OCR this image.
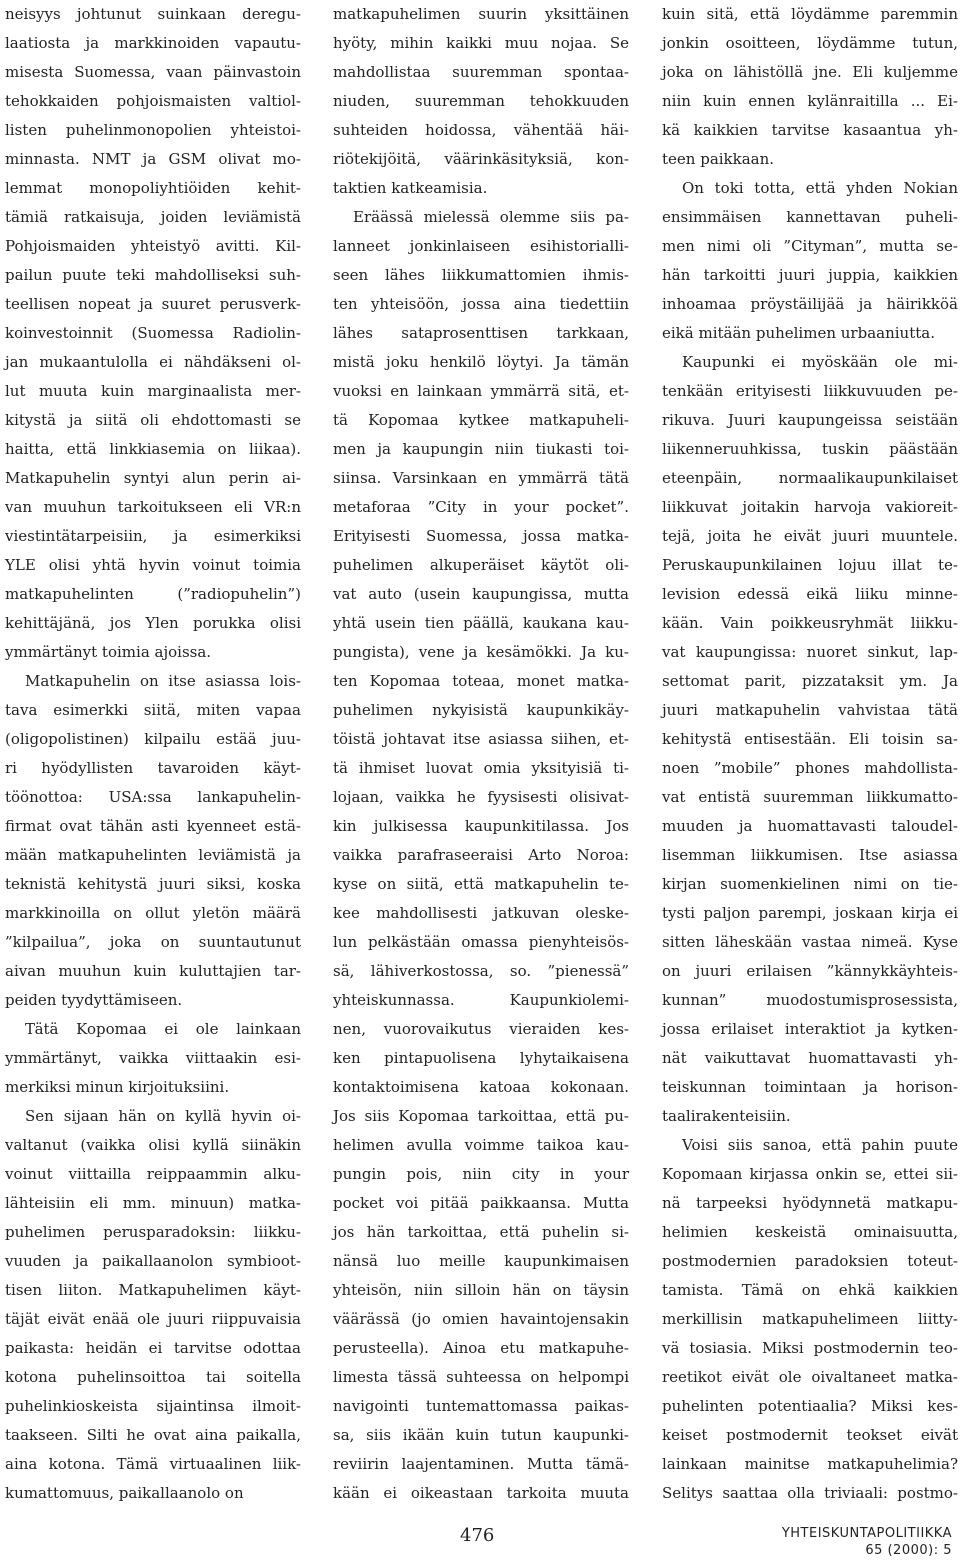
neisyys johtunut suinkaan deregu-
laatiosta ja markkinoiden vapautu-
misesta Suomessa, vaan päinvastoin
tehokkaiden pohjoismaisten valtiol-
listen puhelinmonopolien yhteistoi-
minnasta. NMT ja GSM olivat mo-
lemmat monopoliyhtiöiden kehit-
tämiä ratkaisuja, joiden leviämistä
Pohjoismaiden yhteistyö avitti. Kil-
pailun puute teki mahdolliseksi suh-
teellisen nopeat ja suuret perusverk-
koinvestoinnit (Suomessa Radiolin-
jan mukaantulolla ei nähdäkseni ol-
lut muuta kuin marginaalista mer-
kitystä ja siitä oli ehdottomasti se
haitta, että linkkiasemia on liikaa).
Matkapuhelin syntyi alun perin ai-
van muuhun tarkoitukseen eli VR:n
viestintätarpeisiin, ja esimerkiksi
YLE olisi yhtä hyvin voinut toimia
matkapuhelinten (”radiopuhelin”)
kehittäjänä, jos Ylen porukka olisi
ymmärtänyt toimia ajoissa.
Matkapuhelin on itse asiassa lois-
tava esimerkki siitä, miten vapaa
(oligopolistinen) kilpailu estää juu-
ri hyödyllisten tavaroiden käyt-
töönottoa: USA:ssa lankapuhelin-
firmat ovat tähän asti kyenneet estä-
mään matkapuhelinten leviämistä ja
teknistä kehitystä juuri siksi, koska
markkinoilla on ollut yletön määrä
”kilpailua”, joka on suuntautunut
aivan muuhun kuin kuluttajien tar-
peiden tyydyttämiseen.
Tätä Kopomaa ei ole lainkaan
ymmärtänyt, vaikka viittaakin esi-
merkiksi minun kirjoituksiini.
Sen sijaan hän on kyllä hyvin oi-
valtanut (vaikka olisi kyllä siinäkin
voinut viittailla reippaammin alku-
lähteisiin eli mm. minuun) matka-
puhelimen perusparadoksin: liikku-
vuuden ja paikallaanolon symbioot-
tisen liiton. Matkapuhelimen käyt-
täjät eivät enää ole juuri riippuvaisia
paikasta: heidän ei tarvitse odottaa
kotona puhelinsoittoa tai soitella
puhelinkioskeista sijaintinsa ilmoit-
taakseen. Silti he ovat aina paikalla,
aina kotona. Tämä virtuaalinen liik-
kumattomuus, paikallaanolo on
matkapuhelimen suurin yksittäinen
hyöty, mihin kaikki muu nojaa. Se
mahdollistaa suuremman spontaa-
niuden, suuremman tehokkuuden
suhteiden hoidossa, vähentää häi-
riötekijöitä, väärinkäsityksiä, kon-
taktien katkeamisia.
Eräässä mielessä olemme siis pa-
lanneet jonkinlaiseen esihistorialli-
seen lähes liikkumattomien ihmis-
ten yhteisöön, jossa aina tiedettiin
lähes sataprosenttisen tarkkaan,
mistä joku henkilö löytyi. Ja tämän
vuoksi en lainkaan ymmärrä sitä, et-
tä Kopomaa kytkee matkapuheli-
men ja kaupungin niin tiukasti toi-
siinsa. Varsinkaan en ymmärrä tätä
metaforaa ”City in your pocket”.
Erityisesti Suomessa, jossa matka-
puhelimen alkuperäiset käytöt oli-
vat auto (usein kaupungissa, mutta
yhtä usein tien päällä, kaukana kau-
pungista), vene ja kesämökki. Ja ku-
ten Kopomaa toteaa, monet matka-
puhelimen nykyisistä kaupunkikäy-
töistä johtavat itse asiassa siihen, et-
tä ihmiset luovat omia yksityisiä ti-
lojaan, vaikka he fyysisesti olisivat-
kin julkisessa kaupunkitilassa. Jos
vaikka parafraseeraisi Arto Noroa:
kyse on siitä, että matkapuhelin te-
kee mahdollisesti jatkuvan oleske-
lun pelkästään omassa pienyhteisös-
sä, lähiverkostossa, so. ”pienessä”
yhteiskunnassa. Kaupunkiolemi-
nen, vuorovaikutus vieraiden kes-
ken pintapuolisena lyhytaikaisena
kontaktoimisena katoaa kokonaan.
Jos siis Kopomaa tarkoittaa, että pu-
helimen avulla voimme taikoa kau-
pungin pois, niin city in your
pocket voi pitää paikkaansa. Mutta
jos hän tarkoittaa, että puhelin si-
nänsä luo meille kaupunkimaisen
yhteisön, niin silloin hän on täysin
väärässä (jo omien havaintojensakin
perusteella). Ainoa etu matkapuhe-
limesta tässä suhteessa on helpompi
navigointi tuntemattomassa paikas-
sa, siis ikään kuin tutun kaupunki-
reviirin laajentaminen. Mutta tämä-
kään ei oikeastaan tarkoita muuta
kuin sitä, että löydämme paremmin
jonkin osoitteen, löydämme tutun,
joka on lähistöllä jne. Eli kuljemme
niin kuin ennen kylänraitilla ... Ei-
kä kaikkien tarvitse kasaantua yh-
teen paikkaan.
On toki totta, että yhden Nokian
ensimmäisen kannettavan puheli-
men nimi oli ”Cityman”, mutta se-
hän tarkoitti juuri juppia, kaikkien
inhoamaa pröystäilijää ja häirikköä
eikä mitään puhelimen urbaaniutta.
Kaupunki ei myöskään ole mi-
tenkään erityisesti liikkuvuuden pe-
rikuva. Juuri kaupungeissa seistään
liikenneruuhkissa, tuskin päästään
eteenpäin, normaalikaupunkilaiset
liikkuvat joitakin harvoja vakioreit-
tejä, joita he eivät juuri muuntele.
Peruskaupunkilainen lojuu illat te-
levision edessä eikä liiku minne-
kään. Vain poikkeusryhmät liikku-
vat kaupungissa: nuoret sinkut, lap-
settomat parit, pizzataksit ym. Ja
juuri matkapuhelin vahvistaa tätä
kehitystä entisestään. Eli toisin sa-
noen ”mobile” phones mahdollista-
vat entistä suuremman liikkumatto-
muuden ja huomattavasti taloudel-
lisemman liikkumisen. Itse asiassa
kirjan suomenkielinen nimi on tie-
tysti paljon parempi, joskaan kirja ei
sitten läheskään vastaa nimeä. Kyse
on juuri erilaisen ”kännykkäyhteis-
kunnan” muodostumisprosessista,
jossa erilaiset interaktiot ja kytken-
nät vaikuttavat huomattavasti yh-
teiskunnan toimintaan ja horison-
taalirakenteisiin.
Voisi siis sanoa, että pahin puute
Kopomaan kirjassa onkin se, ettei sii-
nä tarpeeksi hyödynnetä matkapu-
helimien keskeistä ominaisuutta,
postmodernien paradoksien toteut-
tamista. Tämä on ehkä kaikkien
merkillisin matkapuhelimeen liitty-
vä tosiasia. Miksi postmodernin teo-
reetikot eivät ole oivaltaneet matka-
puhelinten potentiaalia? Miksi kes-
keiset postmodernit teokset eivät
lainkaan mainitse matkapuhelimia?
Selitys saattaa olla triviaali: postmo-
476	YHTEISKUNTAPOLITIIKKA
65 (2000): 5
